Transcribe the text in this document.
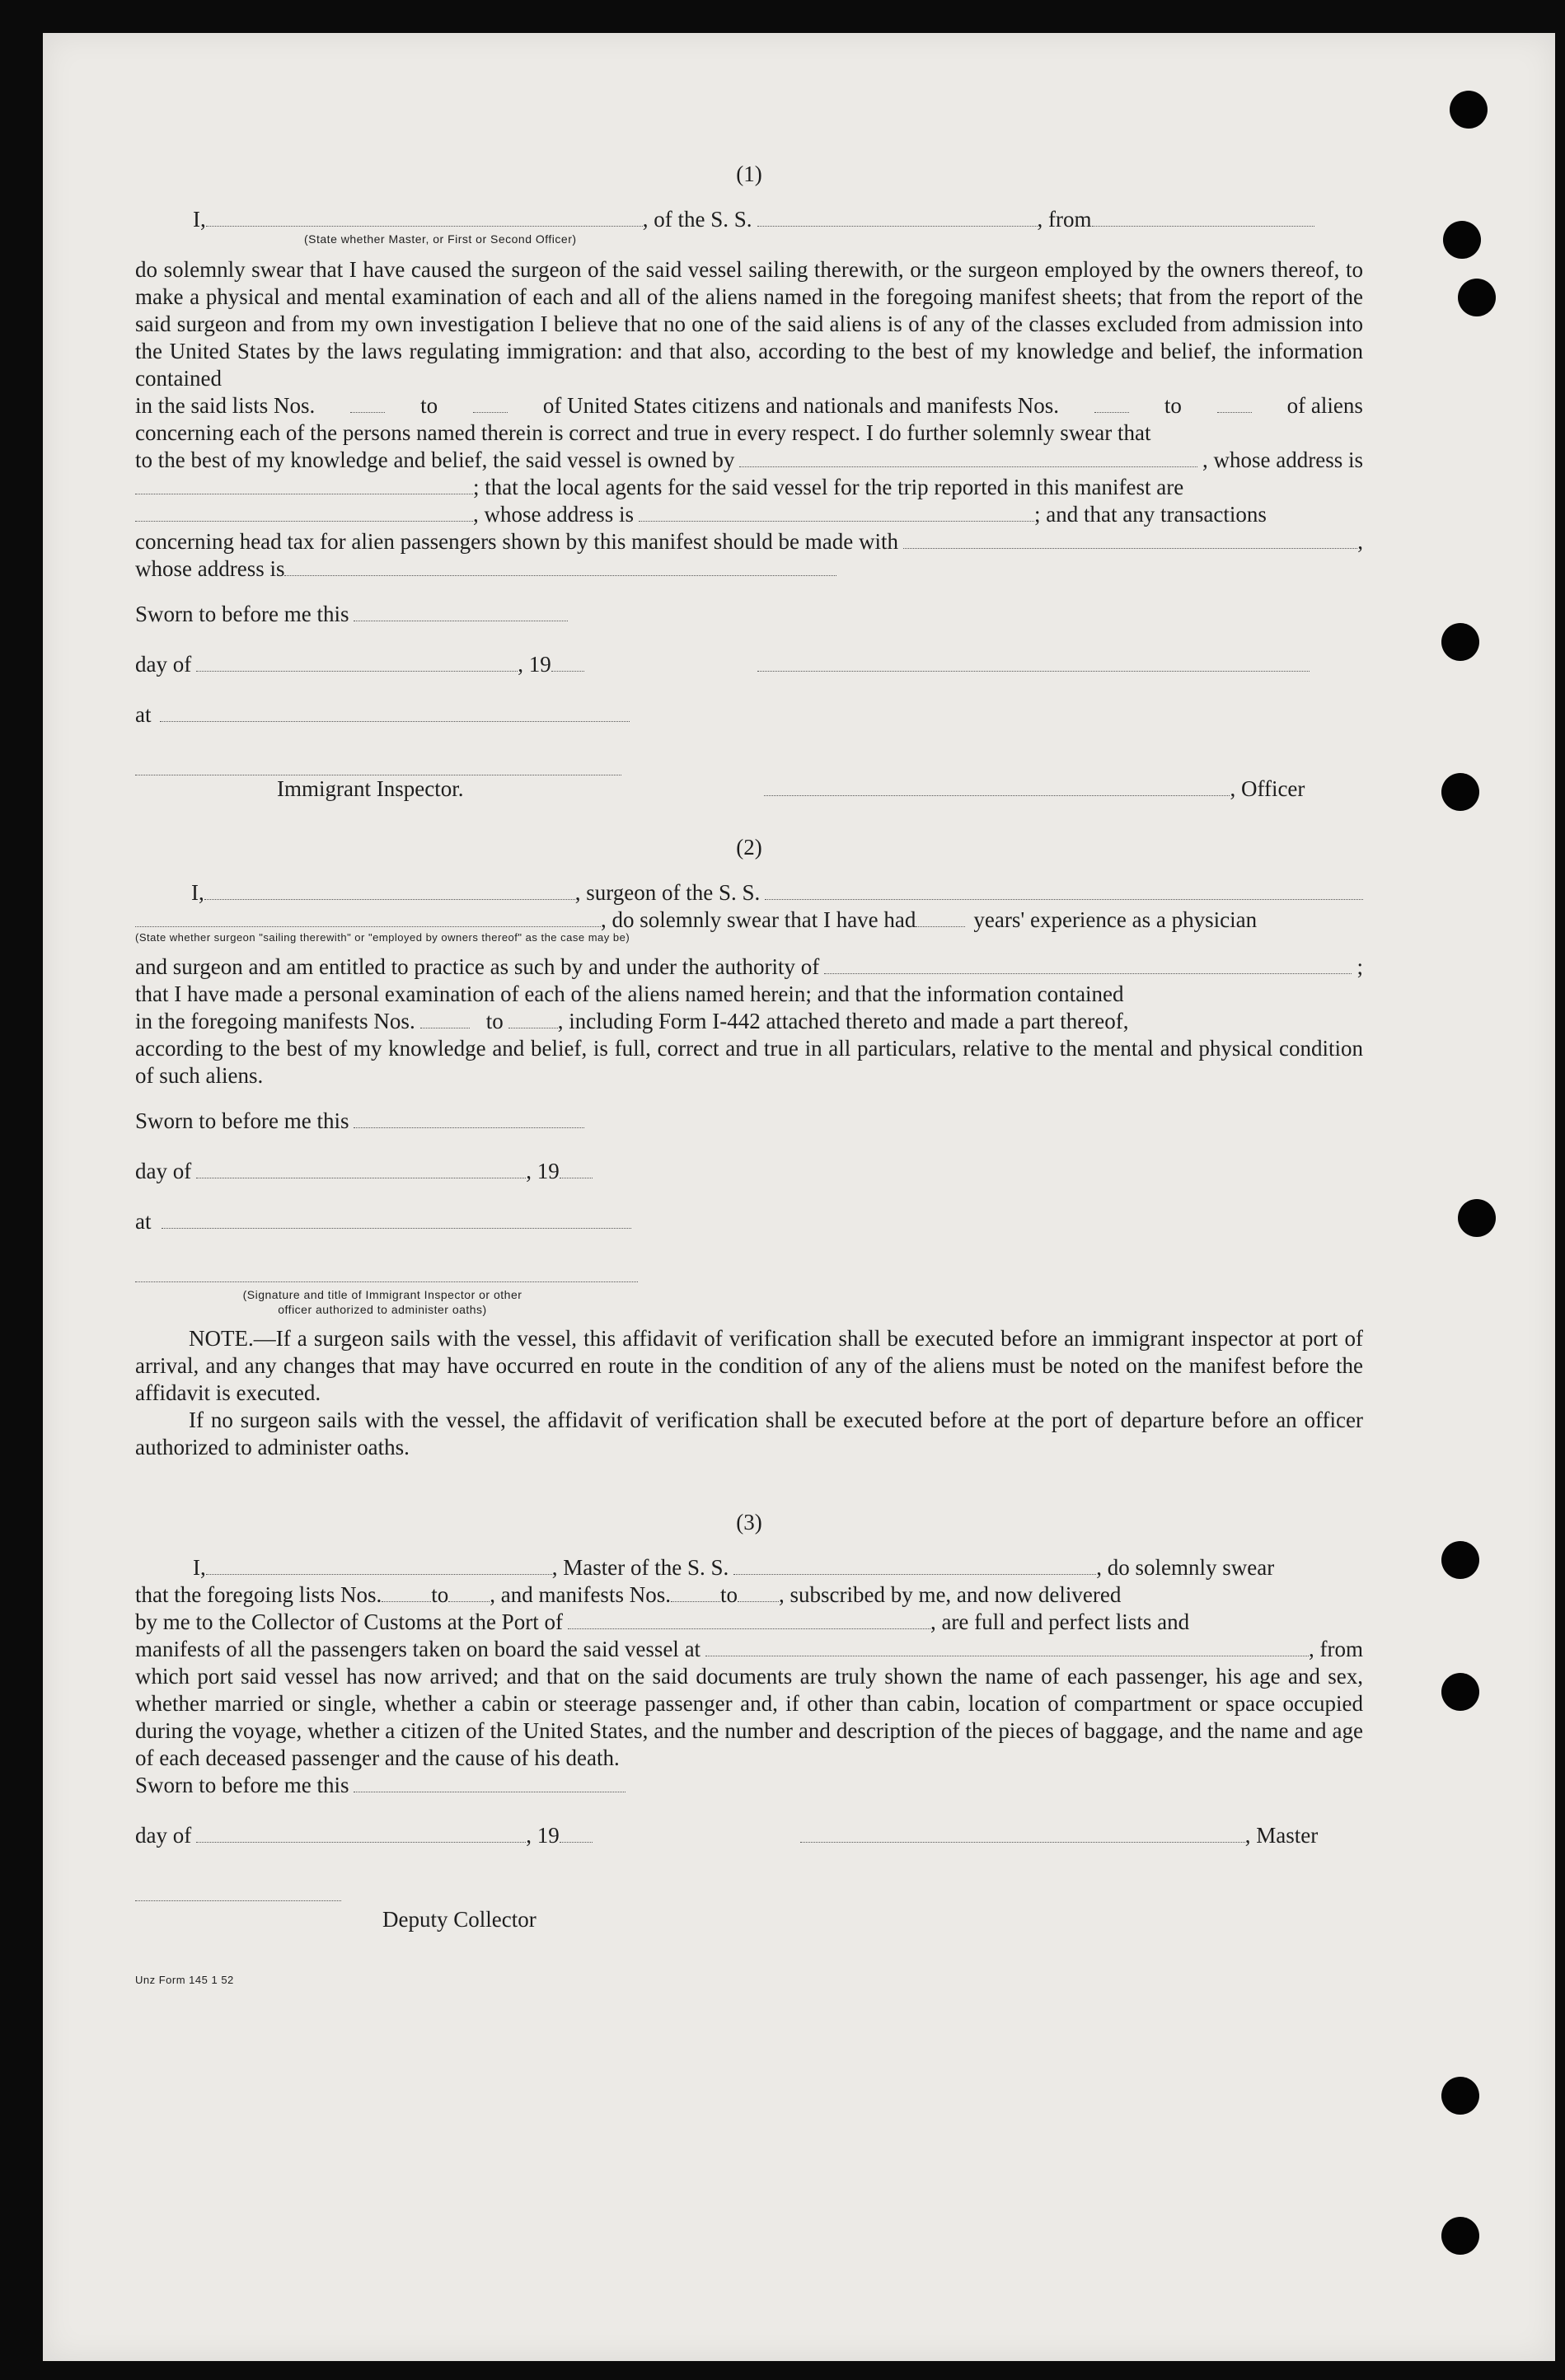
(1)
I,	, of the S. S.	, from
(State whether Master, or First or Second Officer)
do solemnly swear that I have caused the surgeon of the said vessel sailing therewith, or the surgeon employed by the owners thereof, to make a physical and mental examination of each and all of the aliens named in the foregoing manifest sheets; that from the report of the said surgeon and from my own investigation I believe that no one of the said aliens is of any of the classes excluded from admission into the United States by the laws regulating immigration: and that also, according to the best of my knowledge and belief, the information contained
in the said lists Nos.	to	of United States citizens and nationals and manifests Nos.	to	of aliens
concerning each of the persons named therein is correct and true in every respect. I do further solemnly swear that
to the best of my knowledge and belief, the said vessel is owned by	, whose address is
; that the local agents for the said vessel for the trip reported in this manifest are
, whose address is	; and that any transactions
concerning head tax for alien passengers shown by this manifest should be made with	,
whose address is
Sworn to before me this
day of	, 19
at
Immigrant Inspector.	, Officer
(2)
I,	, surgeon of the S. S.
, do solemnly swear that I have had	years' experience as a physician
(State whether surgeon "sailing therewith" or "employed by owners thereof" as the case may be)
and surgeon and am entitled to practice as such by and under the authority of	;
that I have made a personal examination of each of the aliens named herein; and that the information contained
in the foregoing manifests Nos.	to , including Form I-442 attached thereto and made a part thereof,
according to the best of my knowledge and belief, is full, correct and true in all particulars, relative to the mental and physical condition of such aliens.
Sworn to before me this
day of	, 19
at
(Signature and title of Immigrant Inspector or other
officer authorized to administer oaths)
NOTE.—If a surgeon sails with the vessel, this affidavit of verification shall be executed before an immigrant inspector at port of arrival, and any changes that may have occurred en route in the condition of any of the aliens must be noted on the manifest before the affidavit is executed.
If no surgeon sails with the vessel, the affidavit of verification shall be executed before at the port of departure before an officer authorized to administer oaths.
(3)
I,	, Master of the S. S.	, do solemnly swear
that the foregoing lists Nos. to , and manifests Nos. to , subscribed by me, and now delivered
by me to the Collector of Customs at the Port of	, are full and perfect lists and
manifests of all the passengers taken on board the said vessel at	, from
which port said vessel has now arrived; and that on the said documents are truly shown the name of each passenger, his age and sex, whether married or single, whether a cabin or steerage passenger and, if other than cabin, location of compartment or space occupied during the voyage, whether a citizen of the United States, and the number and description of the pieces of baggage, and the name and age of each deceased passenger and the cause of his death.
Sworn to before me this
day of	, 19	, Master
Deputy Collector
Unz Form 145 1 52
